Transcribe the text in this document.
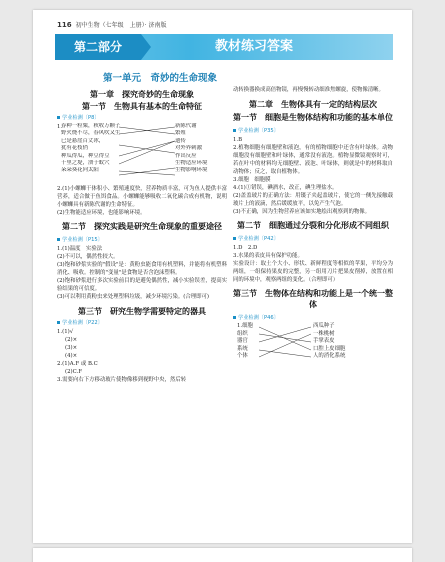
116 初中生物（七年级　上册）· 济南版
教材练习答案
第二部分
第一单元　奇妙的生命现象
第一章　探究奇妙的生命现象
第一节　生物具有基本的生命特征
学业检测〔P8〕
1.
春种一粒粟，秋收万颗子
野火烧不尽，春风吹又生
已是悬崖百丈冰，
犹有花枝俏
种瓜得瓜，种豆得豆
千里之堤，溃于蚁穴
朵朵葵花向太阳
新陈代谢
繁殖
遗传
对外界刺激
作出反应
生物适应环境
生物影响环境
2.(1)小螺蛳干体积小、繁殖速度快，营养物质丰富，可为鱼人提供丰富营养，适合做于鱼饵食品。小螺蛳能够吸收二氧化碳合成有机物，说明小螺蛳具有新陈代谢的生命特征。
(2)生物能适应环境，也能影响环境。
第二节　探究实践是研究生命现象的重要途径
学业检测〔P15〕
1.(1)温度　实验法
(2)不可以，偶然性较大。
(3)饱和砂浆实验的"假设"是：黄粉虫能食用有机塑料，并能将有机塑料消化、吸收。控制的"变量"是食物是否含泡沫塑料。
(2)饱和砂浆进行多次实验前目的是避免偶然性，减小实验误差，提高实验结果的可信度。
(3)可以利用黄粉虫来处理塑料垃圾，减少环境污染。(合理即可)
第三节　研究生物学需要特定的器具
学业检测〔P22〕
1.(1)√
(2)×
(3)×
(4)×
2.(1)A.F 或 B.C
(2)C.F
3.需要向右下方移动玻片使物像移到视野中央，然后转
动转换器换成高倍物镜，再慢慢转动细准焦螺旋，使物像清晰。
第二章　生物体具有一定的结构层次
第一节　细胞是生物体结构和功能的基本单位
学业检测〔P35〕
1.B
2.植物细胞有细胞壁和液泡，有的植物细胞中还含有叶绿体。动物细胞没有细胞壁和叶绿体，通常没有液泡。植物显微镜观察时可，若在叶中的材料均无细胞壁、液泡、叶绿体，则就是中的材料取自动物体；反之，取自植物体。
3.细胞　细胞膜
4.(1)①错误，碘酒水，改正，碘生理盐水。
(2)盖盖玻片的正确方法：用镊子夹起盖玻片，使它的一侧先接触载玻片上的液滴，然后缓缓放平，以免产生气泡。
(3)不正确，因为生物营养应该如实地绘出观察到的物像。
第二节　细胞通过分裂和分化形成不同组织
学业检测〔P42〕
1.D　2.D
3.水果的表皮具有保护功能。
实验设计：取土个大小、形状、新鲜程度等相似的苹果，平均分为两组，一组保持果皮的完整，另一组用刀片把果皮削掉，放置在相同的环境中，观察两组的变化。（合理即可）
第三节　生物体在结构和功能上是一个统一整体
学业检测〔P46〕
1.细胞
组织
器官
系统
个体
西瓜种子
一株桃树
手掌表皮
口腔上皮细胞
人的消化系统
